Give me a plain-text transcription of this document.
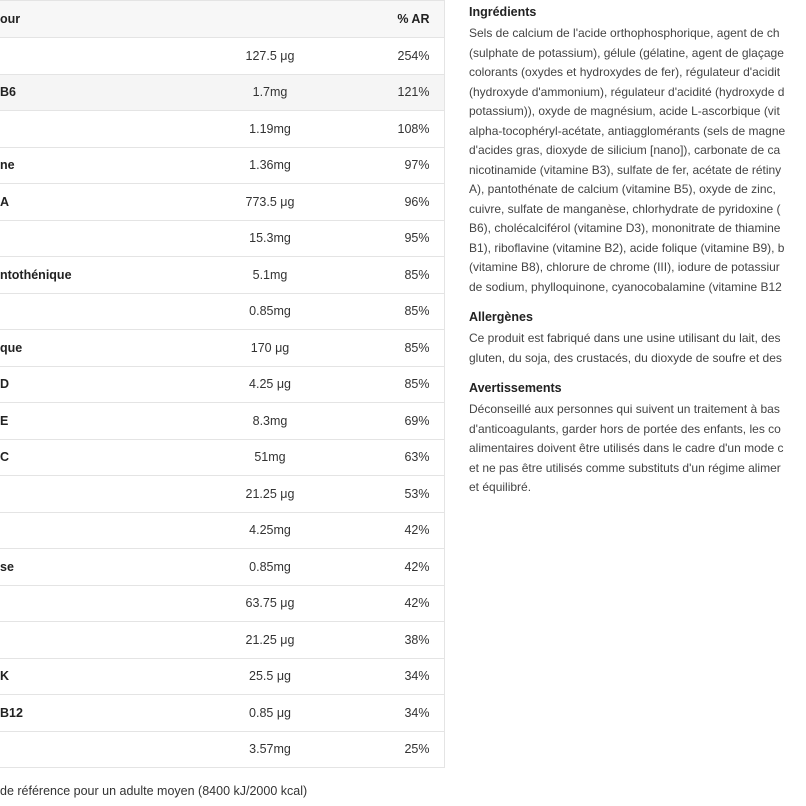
our		% AR
	127.5 μg	254%
B6	1.7mg	121%
	1.19mg	108%
ne	1.36mg	97%
A	773.5 μg	96%
	15.3mg	95%
ntothénique	5.1mg	85%
	0.85mg	85%
que	170 μg	85%
D	4.25 μg	85%
E	8.3mg	69%
C	51mg	63%
	21.25 μg	53%
	4.25mg	42%
se	0.85mg	42%
	63.75 μg	42%
	21.25 μg	38%
K	25.5 μg	34%
B12	0.85 μg	34%
	3.57mg	25%
de référence pour un adulte moyen (8400 kJ/2000 kcal)

Ingrédients

Sels de calcium de l'acide orthophosphorique, agent de ch
(sulphate de potassium), gélule (gélatine, agent de glaçage
colorants (oxydes et hydroxydes de fer), régulateur d'acidit
(hydroxyde d'ammonium), régulateur d'acidité (hydroxyde d
potassium)), oxyde de magnésium, acide L-ascorbique (vit
alpha-tocophéryl-acétate, antiagglomérants (sels de magne
d'acides gras, dioxyde de silicium [nano]), carbonate de ca
nicotinamide (vitamine B3), sulfate de fer, acétate de rétiny
A), pantothénate de calcium (vitamine B5), oxyde de zinc,
cuivre, sulfate de manganèse, chlorhydrate de pyridoxine (
B6), cholécalciférol (vitamine D3), mononitrate de thiamine
B1), riboflavine (vitamine B2), acide folique (vitamine B9), b
(vitamine B8), chlorure de chrome (III), iodure de potassiur
de sodium, phylloquinone, cyanocobalamine (vitamine B12

Allergènes

Ce produit est fabriqué dans une usine utilisant du lait, des
gluten, du soja, des crustacés, du dioxyde de soufre et des

Avertissements

Déconseillé aux personnes qui suivent un traitement à bas
d'anticoagulants, garder hors de portée des enfants, les co
alimentaires doivent être utilisés dans le cadre d'un mode c
et ne pas être utilisés comme substituts d'un régime alimer
et équilibré.
